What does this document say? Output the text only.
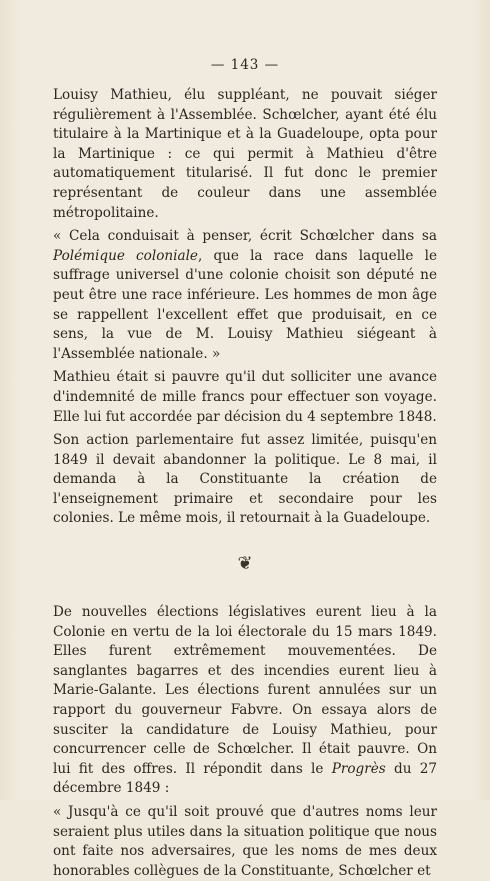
— 143 —

Louisy Mathieu, élu suppléant, ne pouvait siéger régulièrement à l'Assemblée. Schœlcher, ayant été élu titulaire à la Martinique et à la Guadeloupe, opta pour la Martinique : ce qui permit à Mathieu d'être automatiquement titularisé. Il fut donc le premier représentant de couleur dans une assemblée métropolitaine.

« Cela conduisait à penser, écrit Schœlcher dans sa Polémique coloniale, que la race dans laquelle le suffrage universel d'une colonie choisit son député ne peut être une race inférieure. Les hommes de mon âge se rappellent l'excellent effet que produisait, en ce sens, la vue de M. Louisy Mathieu siégeant à l'Assemblée nationale. »

Mathieu était si pauvre qu'il dut solliciter une avance d'indemnité de mille francs pour effectuer son voyage. Elle lui fut accordée par décision du 4 septembre 1848.

Son action parlementaire fut assez limitée, puisqu'en 1849 il devait abandonner la politique. Le 8 mai, il demanda à la Constituante la création de l'enseignement primaire et secondaire pour les colonies. Le même mois, il retournait à la Guadeloupe.

❦

De nouvelles élections législatives eurent lieu à la Colonie en vertu de la loi électorale du 15 mars 1849. Elles furent extrêmement mouvementées. De sanglantes bagarres et des incendies eurent lieu à Marie-Galante. Les élections furent annulées sur un rapport du gouverneur Fabvre. On essaya alors de susciter la candidature de Louisy Mathieu, pour concurrencer celle de Schœlcher. Il était pauvre. On lui fit des offres. Il répondit dans le Progrès du 27 décembre 1849 :

« Jusqu'à ce qu'il soit prouvé que d'autres noms leur seraient plus utiles dans la situation politique que nous ont faite nos adversaires, que les noms de mes deux honorables collègues de la Constituante, Schœlcher et
